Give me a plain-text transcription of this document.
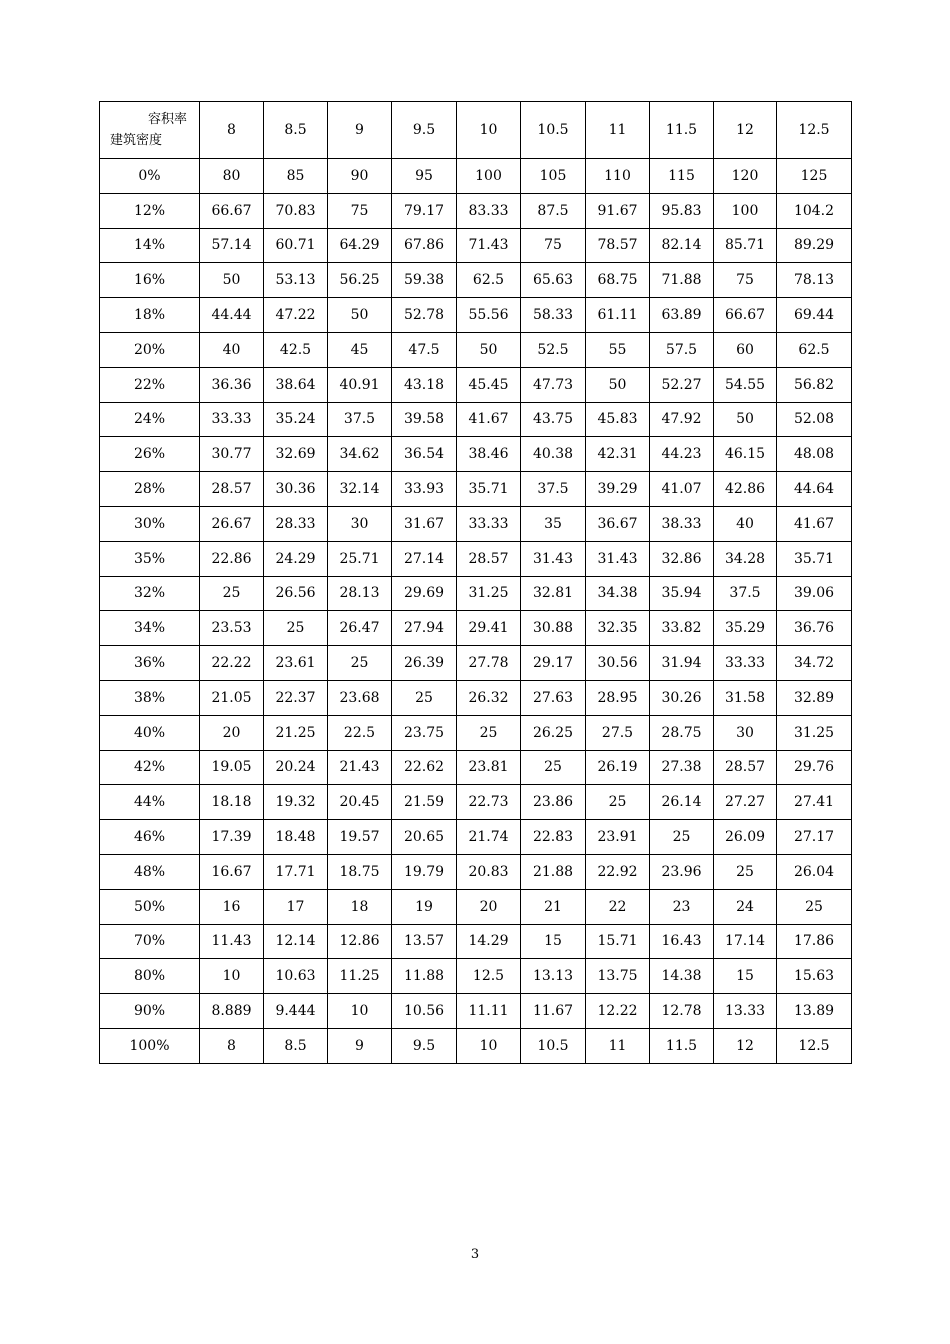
容积率
建筑密度	8	8.5	9	9.5	10	10.5	11	11.5	12	12.5
0%	80	85	90	95	100	105	110	115	120	125
12%	66.67	70.83	75	79.17	83.33	87.5	91.67	95.83	100	104.2
14%	57.14	60.71	64.29	67.86	71.43	75	78.57	82.14	85.71	89.29
16%	50	53.13	56.25	59.38	62.5	65.63	68.75	71.88	75	78.13
18%	44.44	47.22	50	52.78	55.56	58.33	61.11	63.89	66.67	69.44
20%	40	42.5	45	47.5	50	52.5	55	57.5	60	62.5
22%	36.36	38.64	40.91	43.18	45.45	47.73	50	52.27	54.55	56.82
24%	33.33	35.24	37.5	39.58	41.67	43.75	45.83	47.92	50	52.08
26%	30.77	32.69	34.62	36.54	38.46	40.38	42.31	44.23	46.15	48.08
28%	28.57	30.36	32.14	33.93	35.71	37.5	39.29	41.07	42.86	44.64
30%	26.67	28.33	30	31.67	33.33	35	36.67	38.33	40	41.67
35%	22.86	24.29	25.71	27.14	28.57	31.43	31.43	32.86	34.28	35.71
32%	25	26.56	28.13	29.69	31.25	32.81	34.38	35.94	37.5	39.06
34%	23.53	25	26.47	27.94	29.41	30.88	32.35	33.82	35.29	36.76
36%	22.22	23.61	25	26.39	27.78	29.17	30.56	31.94	33.33	34.72
38%	21.05	22.37	23.68	25	26.32	27.63	28.95	30.26	31.58	32.89
40%	20	21.25	22.5	23.75	25	26.25	27.5	28.75	30	31.25
42%	19.05	20.24	21.43	22.62	23.81	25	26.19	27.38	28.57	29.76
44%	18.18	19.32	20.45	21.59	22.73	23.86	25	26.14	27.27	27.41
46%	17.39	18.48	19.57	20.65	21.74	22.83	23.91	25	26.09	27.17
48%	16.67	17.71	18.75	19.79	20.83	21.88	22.92	23.96	25	26.04
50%	16	17	18	19	20	21	22	23	24	25
70%	11.43	12.14	12.86	13.57	14.29	15	15.71	16.43	17.14	17.86
80%	10	10.63	11.25	11.88	12.5	13.13	13.75	14.38	15	15.63
90%	8.889	9.444	10	10.56	11.11	11.67	12.22	12.78	13.33	13.89
100%	8	8.5	9	9.5	10	10.5	11	11.5	12	12.5
3
